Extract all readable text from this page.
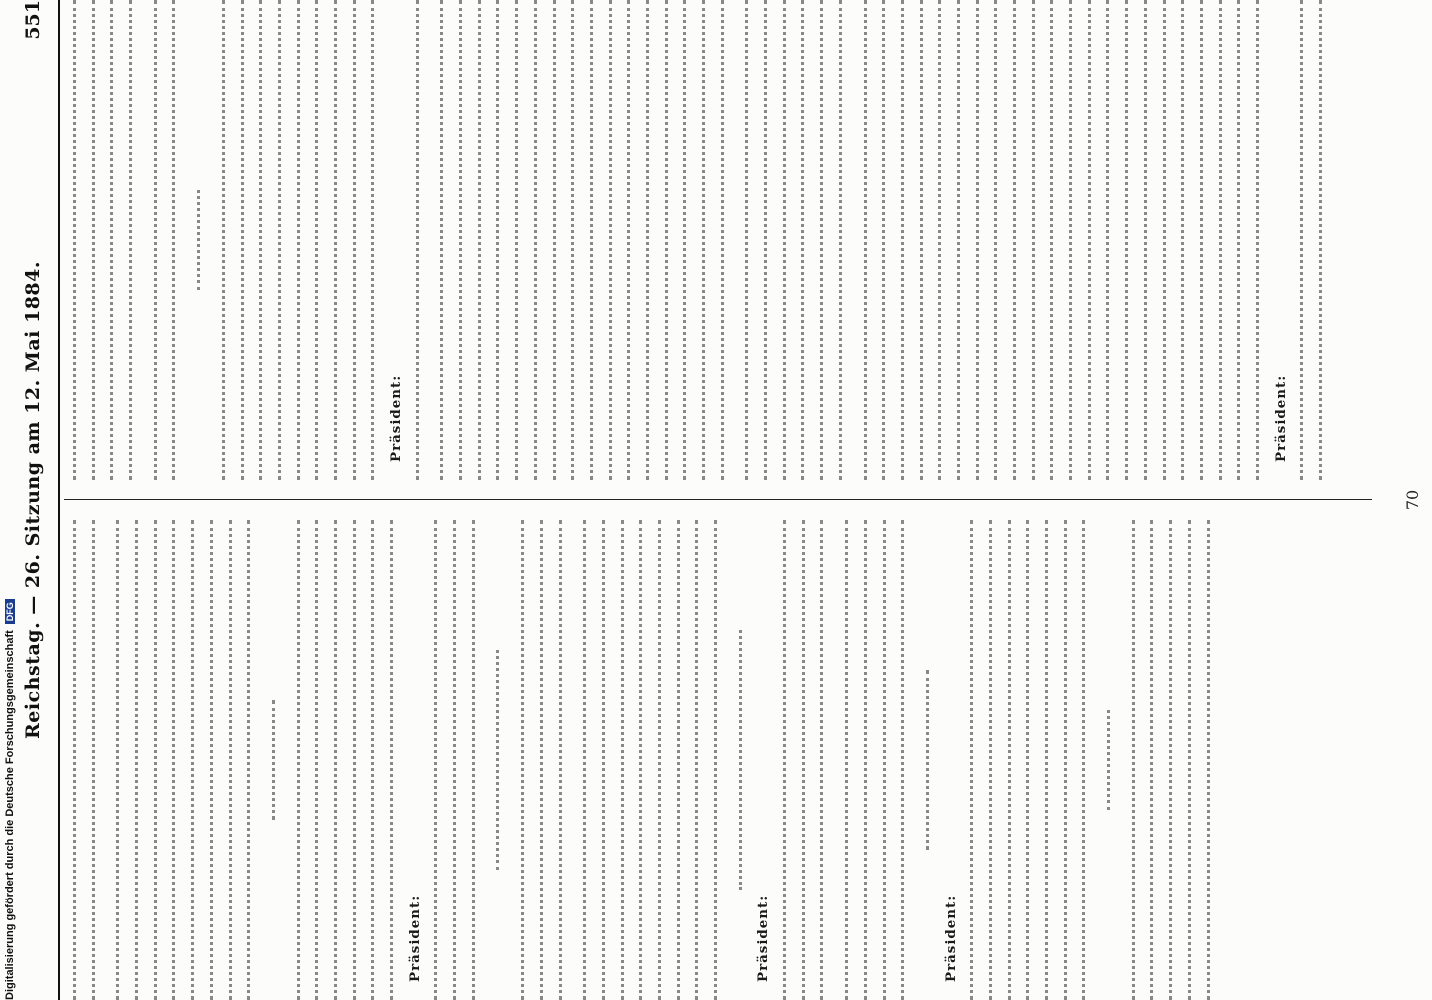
Reichstag. — 26. Sitzung am 12. Mai 1884.
551
Präsident:	Präsident:	Präsident:
Präsident:	Präsident:
70
Digitalisierung gefördert durch die Deutsche ForschungsgemeinschaftDFG
